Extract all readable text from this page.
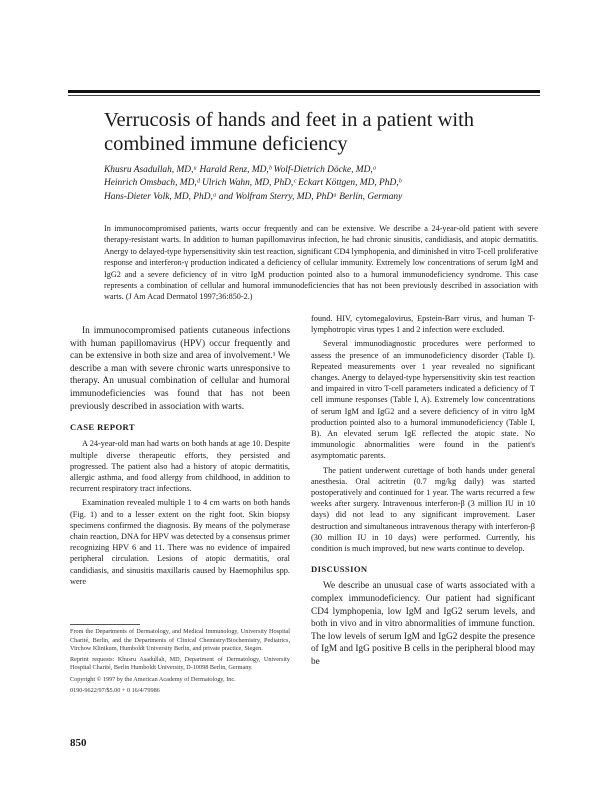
Verrucosis of hands and feet in a patient with combined immune deficiency
Khusru Asadullah, MD,ᵃ Harald Renz, MD,ᵇ Wolf-Dietrich Döcke, MD,ᵃ
Heinrich Omsbach, MD,ᵈ Ulrich Wahn, MD, PhD,ᶜ Eckart Köttgen, MD, PhD,ᵇ
Hans-Dieter Volk, MD, PhD,ᵃ and Wolfram Sterry, MD, PhDᵃ Berlin, Germany
In immunocompromised patients, warts occur frequently and can be extensive. We describe a 24-year-old patient with severe therapy-resistant warts. In addition to human papillomavirus infection, he had chronic sinusitis, candidiasis, and atopic dermatitis. Anergy to delayed-type hypersensitivity skin test reaction, significant CD4 lymphopenia, and diminished in vitro T-cell proliferative response and interferon-γ production indicated a deficiency of cellular immunity. Extremely low concentrations of serum IgM and IgG2 and a severe deficiency of in vitro IgM production pointed also to a humoral immunodeficiency syndrome. This case represents a combination of cellular and humoral immunodeficiencies that has not been previously described in association with warts. (J Am Acad Dermatol 1997;36:850-2.)

In immunocompromised patients cutaneous infections with human papillomavirus (HPV) occur frequently and can be extensive in both size and area of involvement.¹ We describe a man with severe chronic warts unresponsive to therapy. An unusual combination of cellular and humoral immunodeficiencies was found that has not been previously described in association with warts.

CASE REPORT

A 24-year-old man had warts on both hands at age 10. Despite multiple diverse therapeutic efforts, they persisted and progressed. The patient also had a history of atopic dermatitis, allergic asthma, and food allergy from childhood, in addition to recurrent respiratory tract infections.

Examination revealed multiple 1 to 4 cm warts on both hands (Fig. 1) and to a lesser extent on the right foot. Skin biopsy specimens confirmed the diagnosis. By means of the polymerase chain reaction, DNA for HPV was detected by a consensus primer recognizing HPV 6 and 11. There was no evidence of impaired peripheral circulation. Lesions of atopic dermatitis, oral candidiasis, and sinusitis maxillaris caused by Haemophilus spp. were

From the Departments of Dermatology, and Medical Immunology, University Hospital Charité, Berlin, and the Departments of Clinical Chemistry/Biochemistry, Pediatrics, Virchow Klinikum, Humboldt University Berlin, and private practice, Siegen.

Reprint requests: Khusru Asadullah, MD, Department of Dermatology, University Hospital Charité, Berlin Humboldt University, D-10098 Berlin, Germany.

Copyright © 1997 by the American Academy of Dermatology, Inc.

0190-9622/97/$5.00 + 0 16/4/79986

850

found. HIV, cytomegalovirus, Epstein-Barr virus, and human T-lymphotropic virus types 1 and 2 infection were excluded.

Several immunodiagnostic procedures were performed to assess the presence of an immunodeficiency disorder (Table I). Repeated measurements over 1 year revealed no significant changes. Anergy to delayed-type hypersensitivity skin test reaction and impaired in vitro T-cell parameters indicated a deficiency of T cell immune responses (Table I, A). Extremely low concentrations of serum IgM and IgG2 and a severe deficiency of in vitro IgM production pointed also to a humoral immunodeficiency (Table I, B). An elevated serum IgE reflected the atopic state. No immunologic abnormalities were found in the patient's asymptomatic parents.

The patient underwent curettage of both hands under general anesthesia. Oral acitretin (0.7 mg/kg daily) was started postoperatively and continued for 1 year. The warts recurred a few weeks after surgery. Intravenous interferon-β (3 million IU in 10 days) did not lead to any significant improvement. Laser destruction and simultaneous intravenous therapy with interferon-β (30 million IU in 10 days) were performed. Currently, his condition is much improved, but new warts continue to develop.

DISCUSSION

We describe an unusual case of warts associated with a complex immunodeficiency. Our patient had significant CD4 lymphopenia, low IgM and IgG2 serum levels, and both in vivo and in vitro abnormalities of immune function. The low levels of serum IgM and IgG2 despite the presence of IgM and IgG positive B cells in the peripheral blood may be
